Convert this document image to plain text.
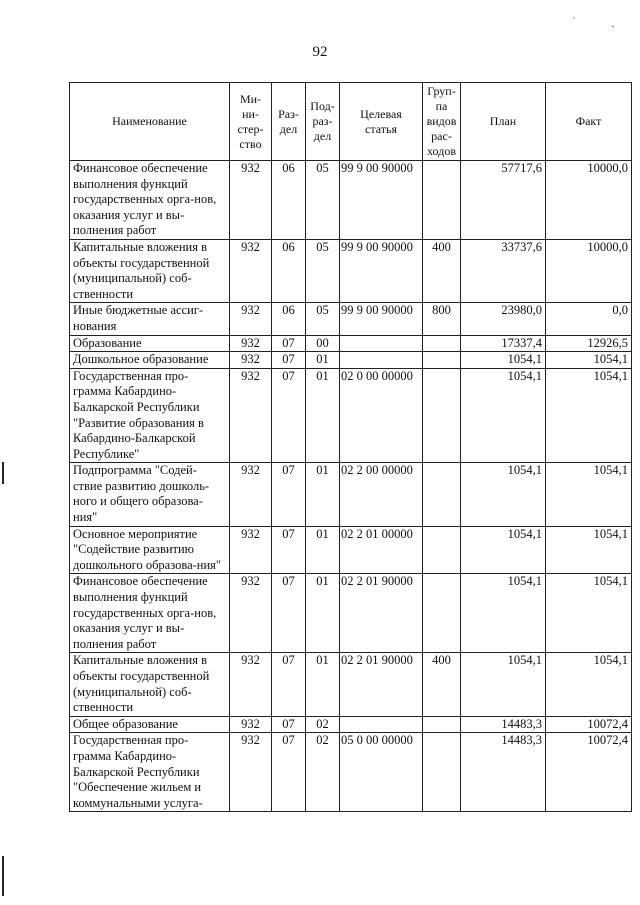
˙ ˏ
92
Наименование	Ми-
ни-
стер-
ство	Раз-
дел	Под-
раз-
дел	Целевая
статья	Груп-
па
видов
рас-
ходов	План	Факт
Финансовое обеспечение выполнения функций государственных орга-нов, оказания услуг и вы-полнения работ	932	06	05	99 9 00 90000		57717,6	10000,0
Капитальные вложения в объекты государственной (муниципальной) соб-ственности	932	06	05	99 9 00 90000	400	33737,6	10000,0
Иные бюджетные ассиг-нования	932	06	05	99 9 00 90000	800	23980,0	0,0
Образование	932	07	00			17337,4	12926,5
Дошкольное образование	932	07	01			1054,1	1054,1
Государственная про-грамма Кабардино-Балкарской Республики "Развитие образования в Кабардино-Балкарской Республике"	932	07	01	02 0 00 00000		1054,1	1054,1
Подпрограмма "Содей-ствие развитию дошколь-ного и общего образова-ния"	932	07	01	02 2 00 00000		1054,1	1054,1
Основное мероприятие "Содействие развитию дошкольного образова-ния"	932	07	01	02 2 01 00000		1054,1	1054,1
Финансовое обеспечение выполнения функций государственных орга-нов, оказания услуг и вы-полнения работ	932	07	01	02 2 01 90000		1054,1	1054,1
Капитальные вложения в объекты государственной (муниципальной) соб-ственности	932	07	01	02 2 01 90000	400	1054,1	1054,1
Общее образование	932	07	02			14483,3	10072,4
Государственная про-грамма Кабардино-Балкарской Республики "Обеспечение жильем и коммунальными услуга-	932	07	02	05 0 00 00000		14483,3	10072,4
